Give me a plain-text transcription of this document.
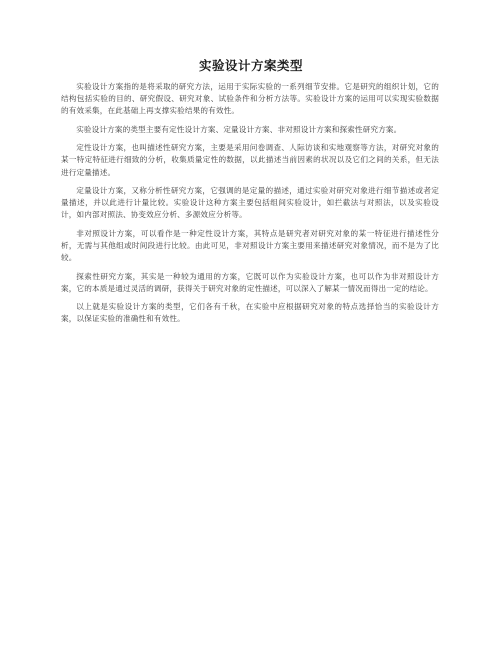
实验设计方案类型

实验设计方案指的是将采取的研究方法，运用于实际实验的一系列细节安排。它是研究的组织计划，它的结构包括实验的目的、研究假设、研究对象、试验条件和分析方法等。实验设计方案的运用可以实现实验数据的有效采集，在此基础上再支撑实验结果的有效性。

实验设计方案的类型主要有定性设计方案、定量设计方案、非对照设计方案和探索性研究方案。

定性设计方案，也叫描述性研究方案，主要是采用问卷调查、人际访谈和实地观察等方法，对研究对象的某一特定特征进行细致的分析，收集质量定性的数据，以此描述当前因素的状况以及它们之间的关系，但无法进行定量描述。

定量设计方案，又称分析性研究方案，它强调的是定量的描述，通过实验对研究对象进行细节描述或者定量描述，并以此进行计量比较。实验设计这种方案主要包括组间实验设计，如拦截法与对照法，以及实验设计，如内部对照法、协变效应分析、多源效应分析等。

非对照设计方案，可以看作是一种定性设计方案，其特点是研究者对研究对象的某一特征进行描述性分析，无需与其他组或时间段进行比较。由此可见，非对照设计方案主要用来描述研究对象情况，而不是为了比较。

探索性研究方案，其实是一种较为通用的方案，它既可以作为实验设计方案，也可以作为非对照设计方案，它的本质是通过灵活的调研，获得关于研究对象的定性描述，可以深入了解某一情况而得出一定的结论。

以上就是实验设计方案的类型，它们各有千秋，在实验中应根据研究对象的特点选择恰当的实验设计方案，以保证实验的准确性和有效性。
